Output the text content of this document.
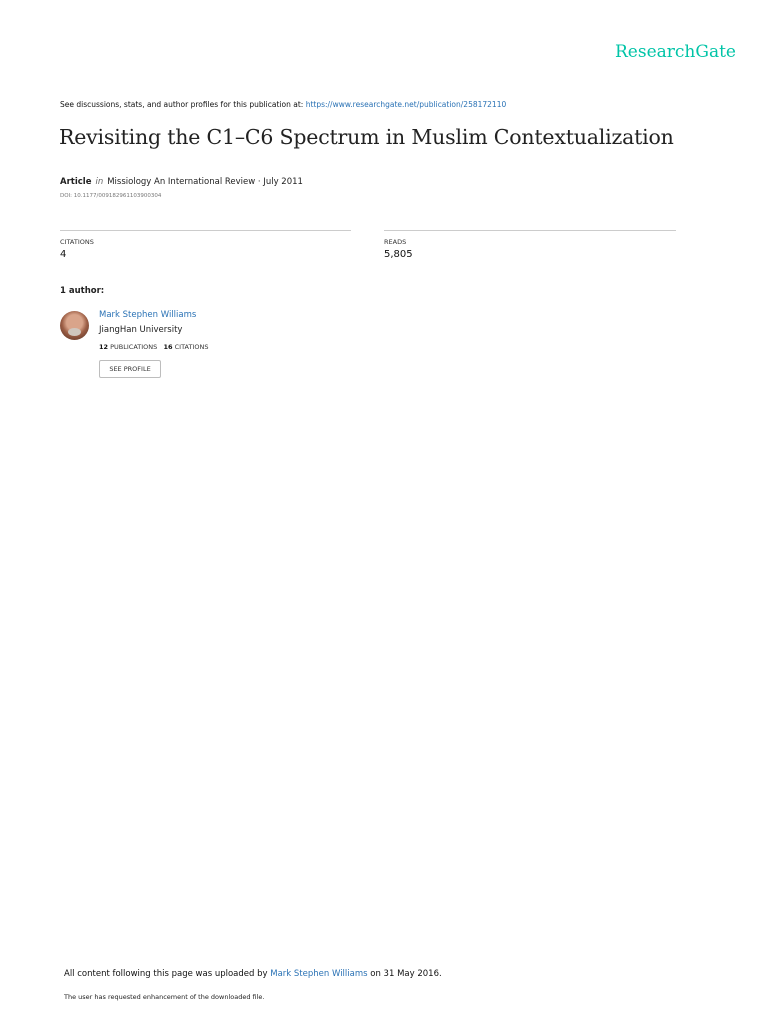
ResearchGate
See discussions, stats, and author profiles for this publication at: https://www.researchgate.net/publication/258172110
Revisiting the C1–C6 Spectrum in Muslim Contextualization
Article in Missiology An International Review · July 2011
DOI: 10.1177/009182961103900304
CITATIONS
4
READS
5,805
1 author:
Mark Stephen Williams
JiangHan University
12 PUBLICATIONS 16 CITATIONS
SEE PROFILE
All content following this page was uploaded by Mark Stephen Williams on 31 May 2016.
The user has requested enhancement of the downloaded file.
